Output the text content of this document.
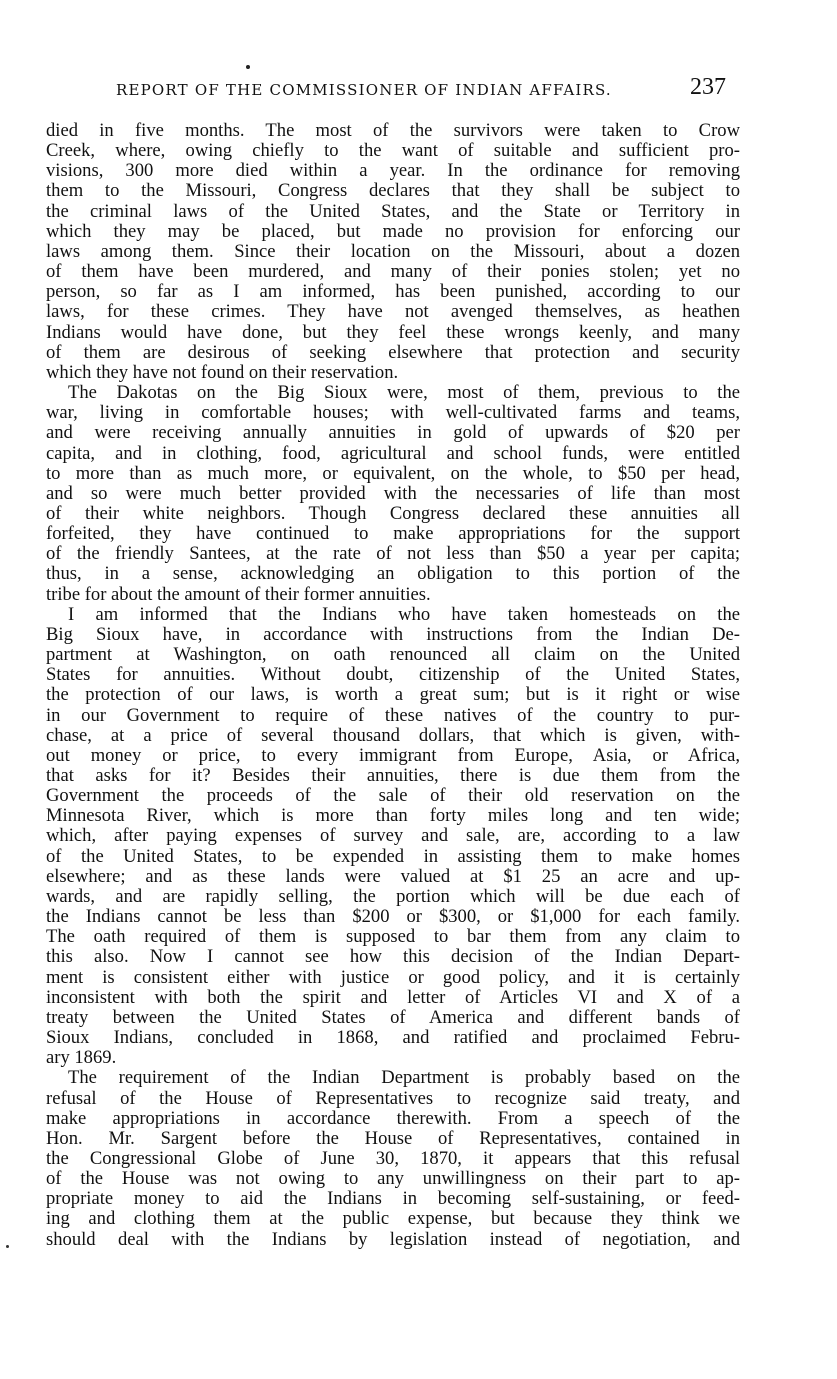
REPORT OF THE COMMISSIONER OF INDIAN AFFAIRS.	237
died in five months. The most of the survivors were taken to Crow
Creek, where, owing chiefly to the want of suitable and sufficient pro-
visions, 300 more died within a year. In the ordinance for removing
them to the Missouri, Congress declares that they shall be subject to
the criminal laws of the United States, and the State or Territory in
which they may be placed, but made no provision for enforcing our
laws among them. Since their location on the Missouri, about a dozen
of them have been murdered, and many of their ponies stolen; yet no
person, so far as I am informed, has been punished, according to our
laws, for these crimes. They have not avenged themselves, as heathen
Indians would have done, but they feel these wrongs keenly, and many
of them are desirous of seeking elsewhere that protection and security
which they have not found on their reservation.
The Dakotas on the Big Sioux were, most of them, previous to the
war, living in comfortable houses; with well-cultivated farms and teams,
and were receiving annually annuities in gold of upwards of $20 per
capita, and in clothing, food, agricultural and school funds, were entitled
to more than as much more, or equivalent, on the whole, to $50 per head,
and so were much better provided with the necessaries of life than most
of their white neighbors. Though Congress declared these annuities all
forfeited, they have continued to make appropriations for the support
of the friendly Santees, at the rate of not less than $50 a year per capita;
thus, in a sense, acknowledging an obligation to this portion of the
tribe for about the amount of their former annuities.
I am informed that the Indians who have taken homesteads on the
Big Sioux have, in accordance with instructions from the Indian De-
partment at Washington, on oath renounced all claim on the United
States for annuities. Without doubt, citizenship of the United States,
the protection of our laws, is worth a great sum; but is it right or wise
in our Government to require of these natives of the country to pur-
chase, at a price of several thousand dollars, that which is given, with-
out money or price, to every immigrant from Europe, Asia, or Africa,
that asks for it? Besides their annuities, there is due them from the
Government the proceeds of the sale of their old reservation on the
Minnesota River, which is more than forty miles long and ten wide;
which, after paying expenses of survey and sale, are, according to a law
of the United States, to be expended in assisting them to make homes
elsewhere; and as these lands were valued at $1 25 an acre and up-
wards, and are rapidly selling, the portion which will be due each of
the Indians cannot be less than $200 or $300, or $1,000 for each family.
The oath required of them is supposed to bar them from any claim to
this also. Now I cannot see how this decision of the Indian Depart-
ment is consistent either with justice or good policy, and it is certainly
inconsistent with both the spirit and letter of Articles VI and X of a
treaty between the United States of America and different bands of
Sioux Indians, concluded in 1868, and ratified and proclaimed Febru-
ary 1869.
The requirement of the Indian Department is probably based on the
refusal of the House of Representatives to recognize said treaty, and
make appropriations in accordance therewith. From a speech of the
Hon. Mr. Sargent before the House of Representatives, contained in
the Congressional Globe of June 30, 1870, it appears that this refusal
of the House was not owing to any unwillingness on their part to ap-
propriate money to aid the Indians in becoming self-sustaining, or feed-
ing and clothing them at the public expense, but because they think we
should deal with the Indians by legislation instead of negotiation, and
